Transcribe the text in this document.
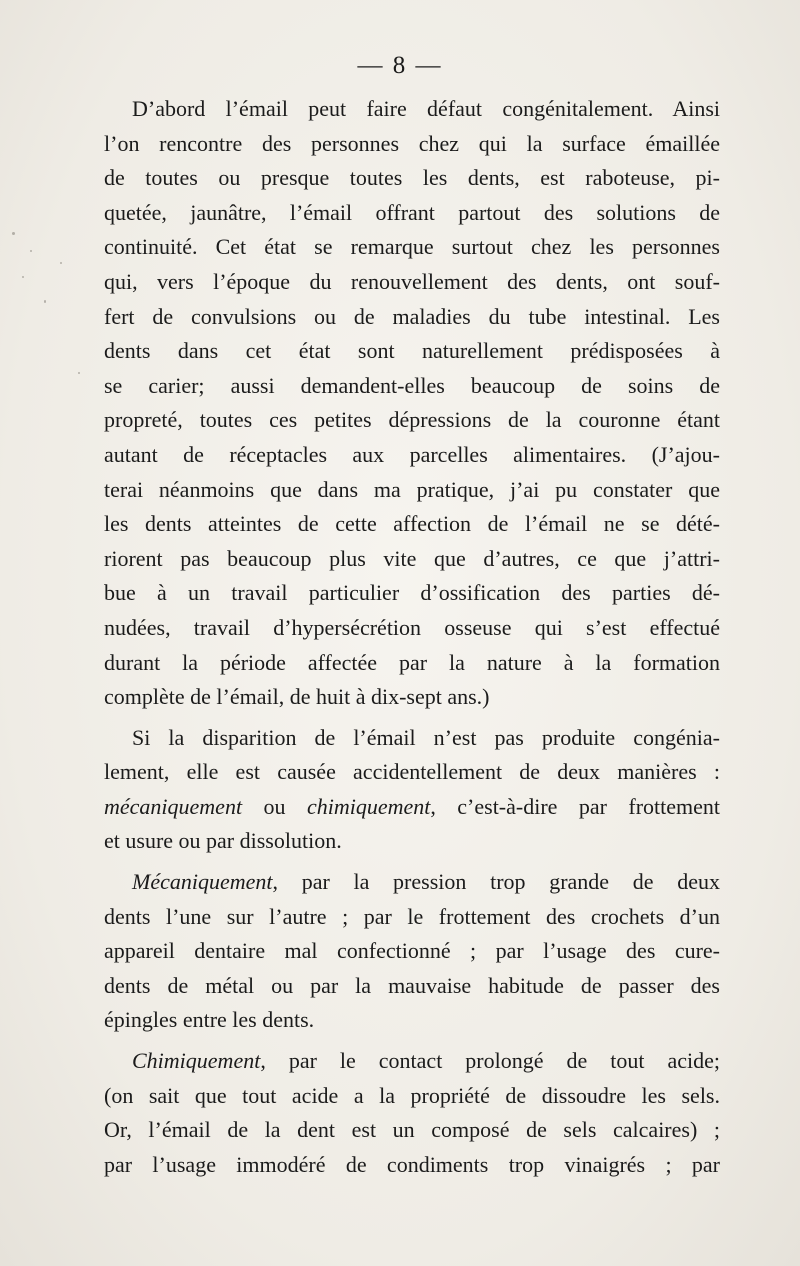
— 8 —
D’abord l’émail peut faire défaut congénitalement. Ainsi
l’on rencontre des personnes chez qui la surface émaillée
de toutes ou presque toutes les dents, est raboteuse, pi-
quetée, jaunâtre, l’émail offrant partout des solutions de
continuité. Cet état se remarque surtout chez les personnes
qui, vers l’époque du renouvellement des dents, ont souf-
fert de convulsions ou de maladies du tube intestinal. Les
dents dans cet état sont naturellement prédisposées à
se carier; aussi demandent-elles beaucoup de soins de
propreté, toutes ces petites dépressions de la couronne étant
autant de réceptacles aux parcelles alimentaires. (J’ajou-
terai néanmoins que dans ma pratique, j’ai pu constater que
les dents atteintes de cette affection de l’émail ne se dété-
riorent pas beaucoup plus vite que d’autres, ce que j’attri-
bue à un travail particulier d’ossification des parties dé-
nudées, travail d’hypersécrétion osseuse qui s’est effectué
durant la période affectée par la nature à la formation
complète de l’émail, de huit à dix-sept ans.)
Si la disparition de l’émail n’est pas produite congénia-
lement, elle est causée accidentellement de deux manières :
mécaniquement ou chimiquement, c’est-à-dire par frottement
et usure ou par dissolution.
Mécaniquement, par la pression trop grande de deux
dents l’une sur l’autre ; par le frottement des crochets d’un
appareil dentaire mal confectionné ; par l’usage des cure-
dents de métal ou par la mauvaise habitude de passer des
épingles entre les dents.
Chimiquement, par le contact prolongé de tout acide;
(on sait que tout acide a la propriété de dissoudre les sels.
Or, l’émail de la dent est un composé de sels calcaires) ;
par l’usage immodéré de condiments trop vinaigrés ; par
